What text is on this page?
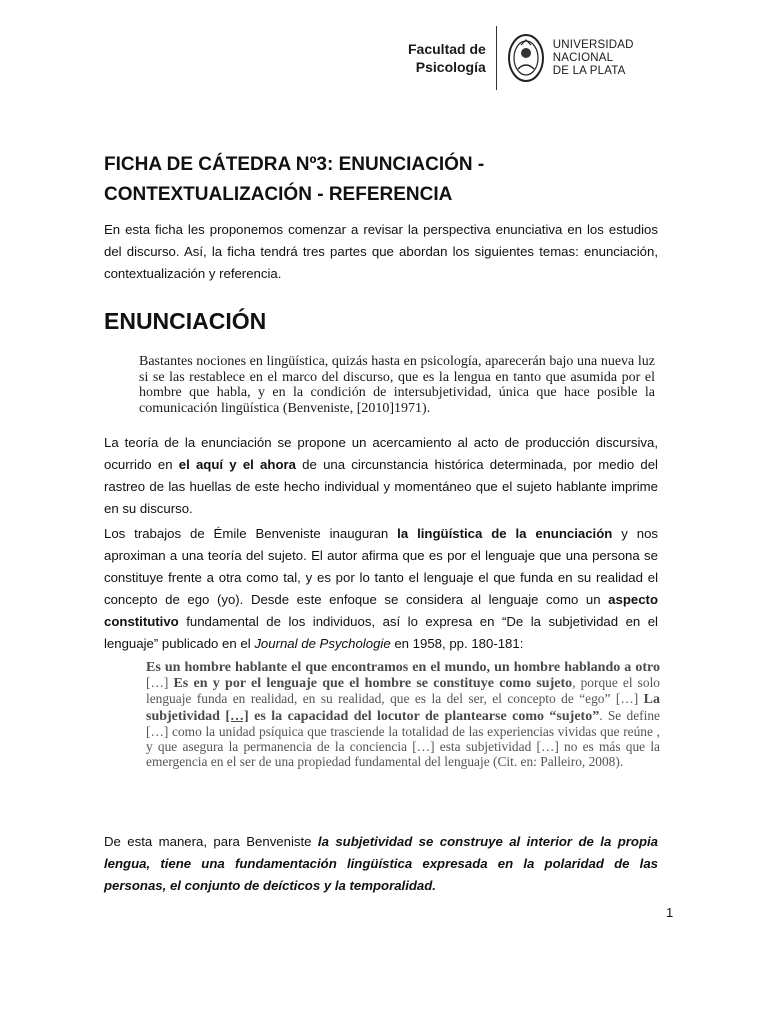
Facultad de
Psicología
UNIVERSIDAD
NACIONAL
DE LA PLATA
FICHA DE CÁTEDRA Nº3: ENUNCIACIÓN -
CONTEXTUALIZACIÓN - REFERENCIA
En esta ficha les proponemos comenzar a revisar la perspectiva enunciativa en los estudios del discurso. Así, la ficha tendrá tres partes que abordan los siguientes temas: enunciación, contextualización y referencia.
ENUNCIACIÓN
Bastantes nociones en lingüística, quizás hasta en psicología, aparecerán bajo una nueva luz si se las restablece en el marco del discurso, que es la lengua en tanto que asumida por el hombre que habla, y en la condición de intersubjetividad, única que hace posible la comunicación lingüística (Benveniste, [2010]1971).
La teoría de la enunciación se propone un acercamiento al acto de producción discursiva, ocurrido en el aquí y el ahora de una circunstancia histórica determinada, por medio del rastreo de las huellas de este hecho individual y momentáneo que el sujeto hablante imprime en su discurso.
Los trabajos de Émile Benveniste inauguran la lingüística de la enunciación y nos aproximan a una teoría del sujeto. El autor afirma que es por el lenguaje que una persona se constituye frente a otra como tal, y es por lo tanto el lenguaje el que funda en su realidad el concepto de ego (yo). Desde este enfoque se considera al lenguaje como un aspecto constitutivo fundamental de los individuos, así lo expresa en “De la subjetividad en el lenguaje” publicado en el Journal de Psychologie en 1958, pp. 180-181:
Es un hombre hablante el que encontramos en el mundo, un hombre hablando a otro […] Es en y por el lenguaje que el hombre se constituye como sujeto, porque el solo lenguaje funda en realidad, en su realidad, que es la del ser, el concepto de “ego” […] La subjetividad […] es la capacidad del locutor de plantearse como “sujeto”. Se define […] como la unidad psíquica que trasciende la totalidad de las experiencias vividas que reúne , y que asegura la permanencia de la conciencia […] esta subjetividad […] no es más que la emergencia en el ser de una propiedad fundamental del lenguaje (Cit. en: Palleiro, 2008).
De esta manera, para Benveniste la subjetividad se construye al interior de la propia lengua, tiene una fundamentación lingüística expresada en la polaridad de las personas, el conjunto de deícticos y la temporalidad.
1
